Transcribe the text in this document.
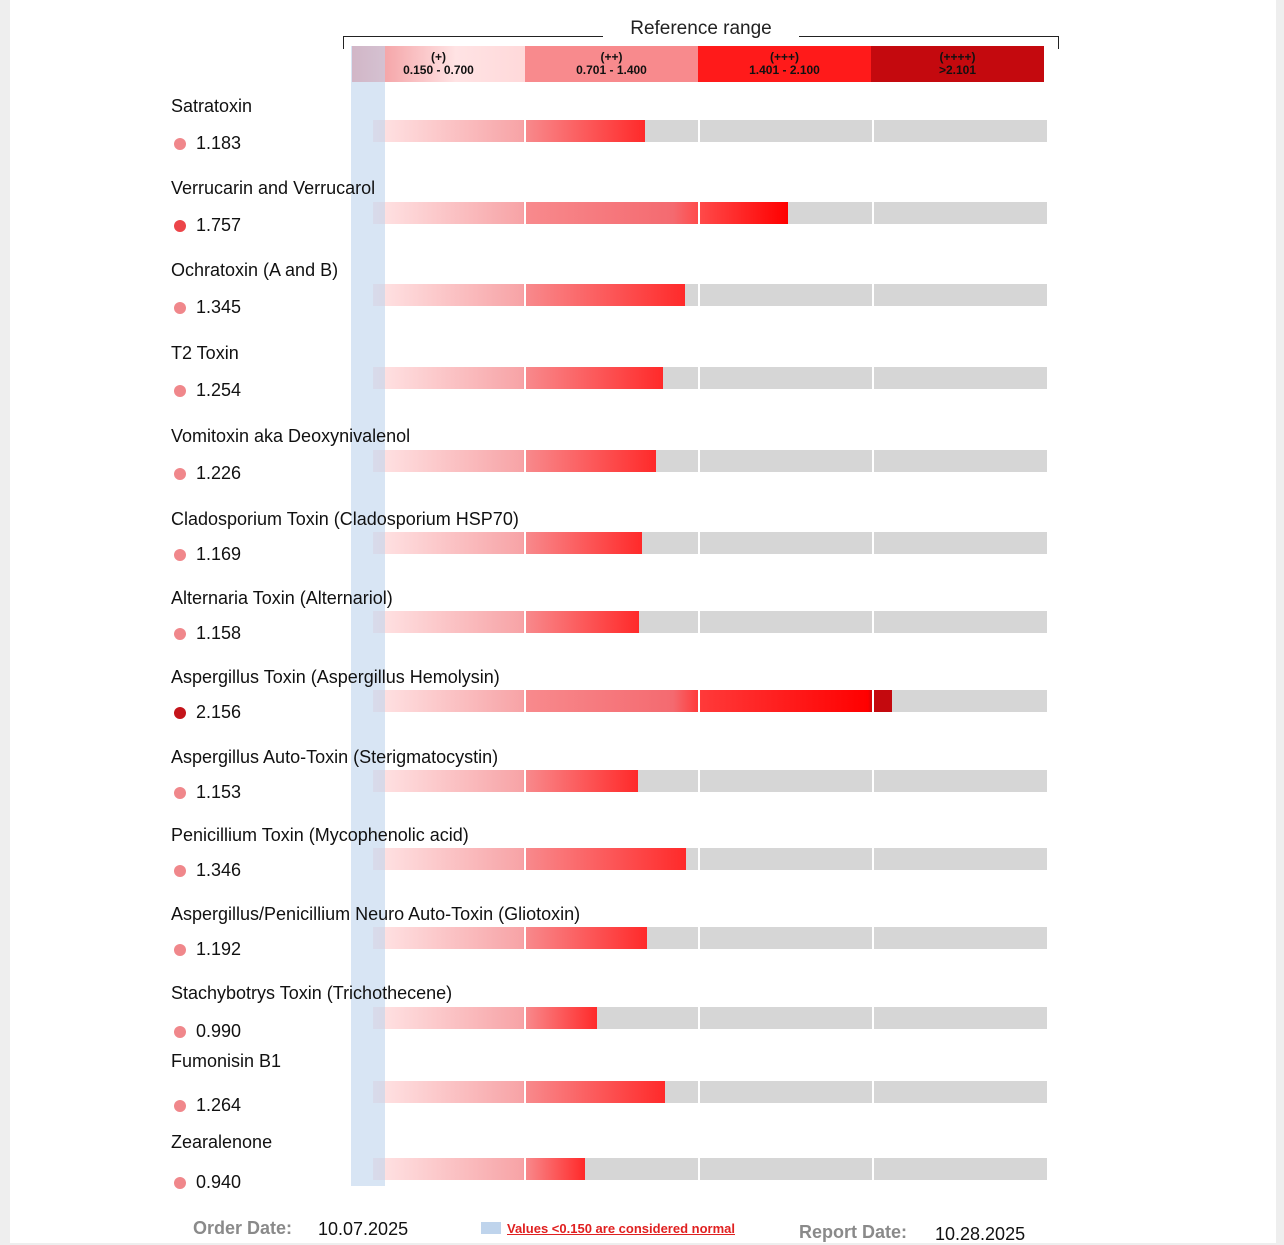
Reference range
(+)
0.150 - 0.700
(++)
0.701 - 1.400
(+++)
1.401 - 2.100
(++++)
>2.101
Satratoxin
1.183
Verrucarin and Verrucarol
1.757
Ochratoxin (A and B)
1.345
T2 Toxin
1.254
Vomitoxin aka Deoxynivalenol
1.226
Cladosporium Toxin (Cladosporium HSP70)
1.169
Alternaria Toxin (Alternariol)
1.158
Aspergillus Toxin (Aspergillus Hemolysin)
2.156
Aspergillus Auto-Toxin (Sterigmatocystin)
1.153
Penicillium Toxin (Mycophenolic acid)
1.346
Aspergillus/Penicillium Neuro Auto-Toxin (Gliotoxin)
1.192
Stachybotrys Toxin (Trichothecene)
0.990
Fumonisin B1
1.264
Zearalenone
0.940
Order Date: 10.07.2025	Values <0.150 are considered normal	Report Date: 10.28.2025
